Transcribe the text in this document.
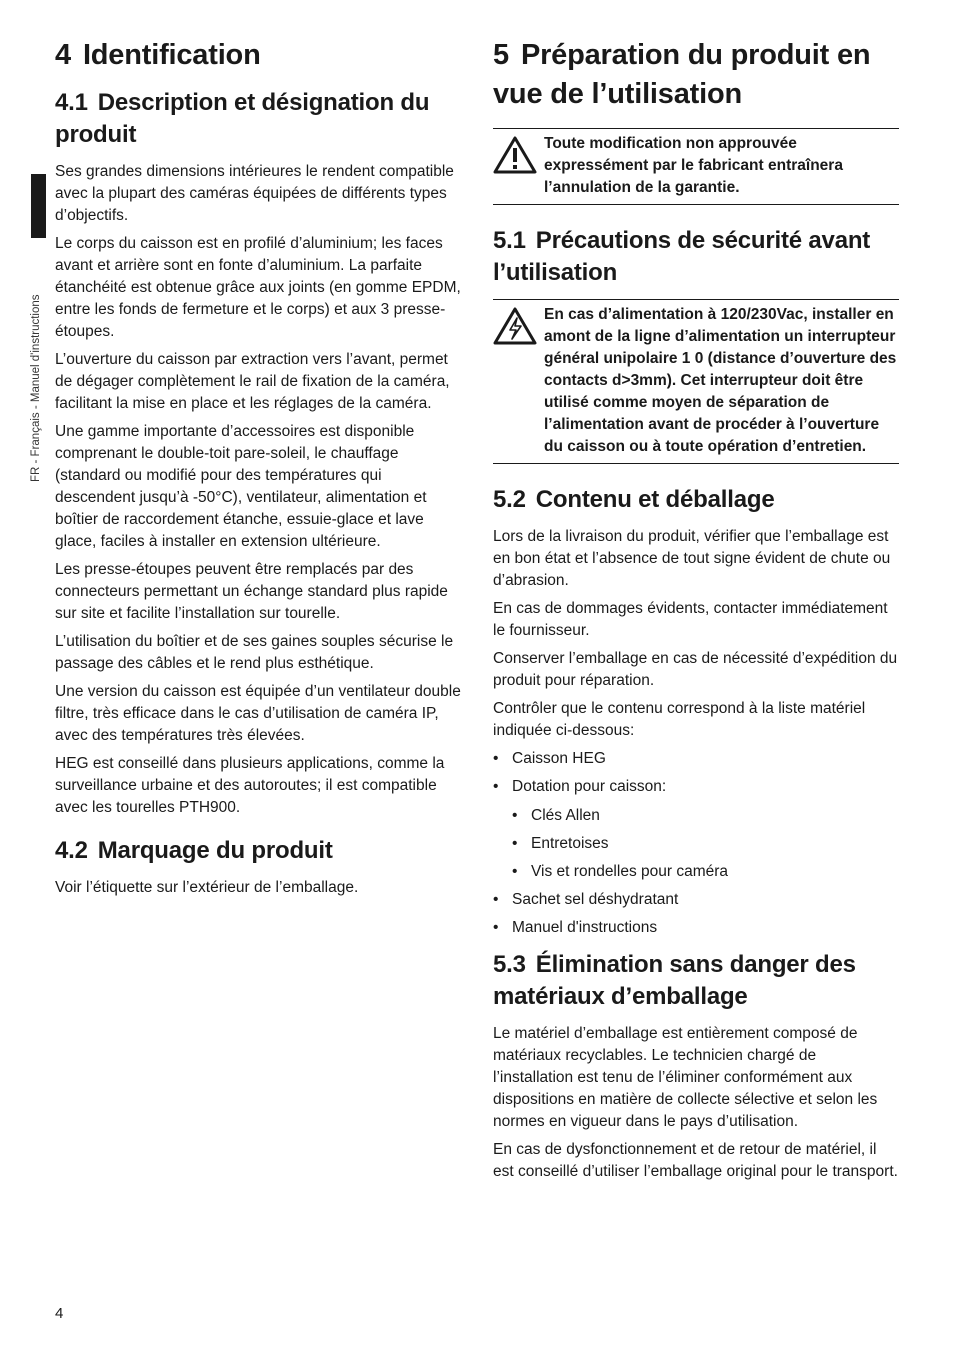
FR - Français - Manuel d'instructions
4 Identification
4.1 Description et désignation du produit

Ses grandes dimensions intérieures le rendent compatible avec la plupart des caméras équipées de différents types d’objectifs.

Le corps du caisson est en profilé d’aluminium; les faces avant et arrière sont en fonte d’aluminium. La parfaite étanchéité est obtenue grâce aux joints (en gomme EPDM, entre les fonds de fermeture et le corps) et aux 3 presse-étoupes.

L’ouverture du caisson par extraction vers l’avant, permet de dégager complètement le rail de fixation de la caméra, facilitant la mise en place et les réglages de la caméra.

Une gamme importante d’accessoires est disponible comprenant le double-toit pare-soleil, le chauffage (standard ou modifié pour des températures qui descendent jusqu’à -50°C), ventilateur, alimentation et boîtier de raccordement étanche, essuie-glace et lave glace, faciles à installer en extension ultérieure.

Les presse-étoupes peuvent être remplacés par des connecteurs permettant un échange standard plus rapide sur site et facilite l’installation sur tourelle.

L’utilisation du boîtier et de ses gaines souples sécurise le passage des câbles et le rend plus esthétique.

Une version du caisson est équipée d’un ventilateur double filtre, très efficace dans le cas d’utilisation de caméra IP, avec des températures très élevées.

HEG est conseillé dans plusieurs applications, comme la surveillance urbaine et des autoroutes; il est compatible avec les tourelles PTH900.

4.2 Marquage du produit

Voir l’étiquette sur l’extérieur de l’emballage.

5 Préparation du produit en vue de l’utilisation
Toute modification non approuvée expressément par le fabricant entraînera l’annulation de la garantie.
5.1 Précautions de sécurité avant l’utilisation
En cas d’alimentation à 120/230Vac, installer en amont de la ligne d’alimentation un interrupteur général unipolaire 1 0 (distance d’ouverture des contacts d>3mm). Cet interrupteur doit être utilisé comme moyen de séparation de l’alimentation avant de procéder à l’ouverture du caisson ou à toute opération d’entretien.
5.2 Contenu et déballage

Lors de la livraison du produit, vérifier que l’emballage est en bon état et l’absence de tout signe évident de chute ou d’abrasion.

En cas de dommages évidents, contacter immédiatement le fournisseur.

Conserver l’emballage en cas de nécessité d’expédition du produit pour réparation.

Contrôler que le contenu correspond à la liste matériel indiquée ci-dessous:

• Caisson HEG
• Dotation pour caisson:
• Clés Allen
• Entretoises
• Vis et rondelles pour caméra
• Sachet sel déshydratant
• Manuel d'instructions
5.3 Élimination sans danger des matériaux d’emballage

Le matériel d’emballage est entièrement composé de matériaux recyclables. Le technicien chargé de l’installation est tenu de l’éliminer conformément aux dispositions en matière de collecte sélective et selon les normes en vigueur dans le pays d’utilisation.

En cas de dysfonctionnement et de retour de matériel, il est conseillé d’utiliser l’emballage original pour le transport.

4
